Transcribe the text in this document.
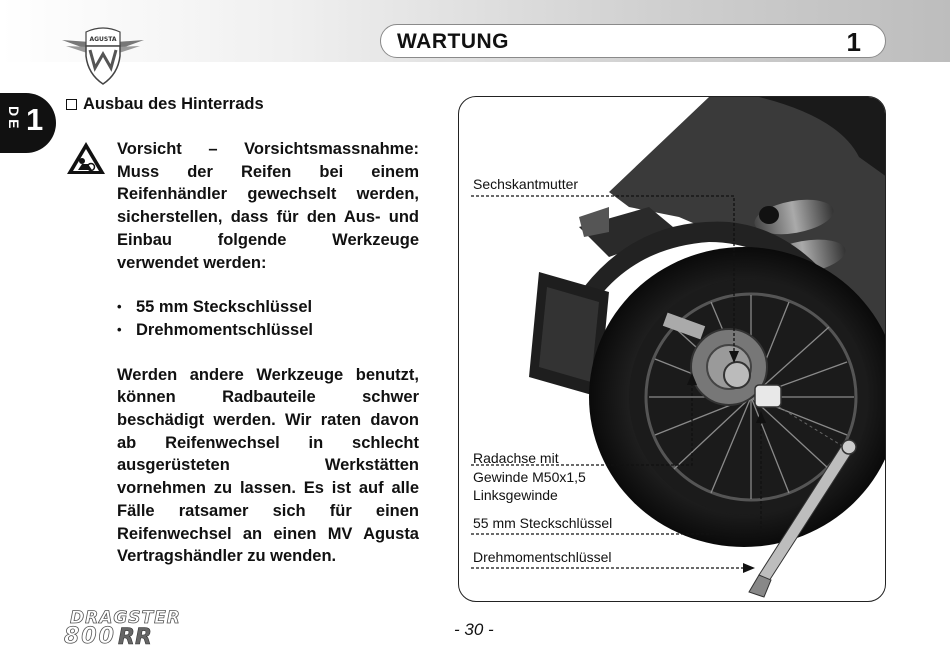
AGUSTA	WARTUNG	1
DE 1	Ausbau des Hinterrads

Vorsicht – Vorsichtsmassnahme: Muss der Reifen bei einem Reifenhändler gewechselt werden, sicherstellen, dass für den Aus- und Einbau folgende Werkzeuge verwendet werden:

• 55 mm Steckschlüssel
• Drehmomentschlüssel

Werden andere Werkzeuge benutzt, können Radbauteile schwer beschädigt werden. Wir raten davon ab Reifenwechsel in schlecht ausgerüsteten Werkstätten vornehmen zu lassen. Es ist auf alle Fälle ratsamer sich für einen Reifenwechsel an einen MV Agusta Vertragshändler zu wenden.

Sechskantmutter
Radachse mit
Gewinde M50x1,5
Linksgewinde
55 mm Steckschlüssel
Drehmomentschlüssel
DRAGSTER
800 RR	- 30 -
